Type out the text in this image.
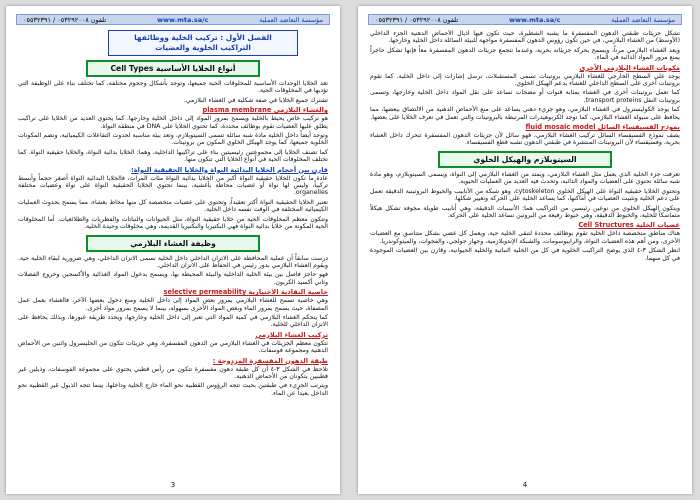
مؤسسة التعاضد العملية
www.mta.sa/c
تلفون ٠٥٣٢٩٢٠٠٨ / ٠٥٥٣٢٣٩١
الفصل الأول : تركيب الخلية ووظائفها
التراكيب الخلوية والعضيات
أنواع الخلايا الأساسية Cell Types

تعد الخلايا الوحدات الأساسية للمخلوقات الحية جميعها، وتوجد بأشكال وحجوم مختلفة، كما تختلف بناء على الوظيفة التي تؤديها في المخلوقات الحية.

تشترك جميع الخلايا في صفة شكلية في الغشاء البلازمي.

والغشاء البلازمي plasma membrane

هو تركيب خاص يحيط بالخلية ويسمح بمرور المواد إلى داخل الخلية وخارجها. كما يحتوي العديد من الخلايا على تراكيب يطلق عليها العضيات تقوم بوظائف محددة، كما تحتوي الخلايا على DNA في منطقة النواة.

وتوجد أيضاً داخل الخلية مادة شبه سائلة تسمى السيتوبلازم، وتعد بيئة مناسبة لحدوث التفاعلات الكيميائية، وتضم المكونات الخلوية جميعها، كما يوجد الهيكل الخلوي المكون من بروتينات.

كما تصنف الخلايا إلى مجموعتين رئيسيتين بناء على تراكيبها الداخلية، وهما: الخلايا بدائية النواة، والخلايا حقيقية النواة. كما تختلف المخلوقات الحية في أنواع الخلايا التي تتكون منها.

قارن بين أحجام الخلايا البدائية النواة والخلايا الحقيقية النواة:

عادة ما تكون الخلايا حقيقية النواة أكبر من الخلايا بدائية النواة مئات المرات، فالخلايا البدائية النواة أصغر حجماً وأبسط تركيباً، وليس لها نواة أو عضيات محاطة بأغشية، بينما تحتوي الخلايا الحقيقية النواة على نواة وعضيات مختلفة organelles.

تعتبر الخلايا الحقيقية النواة أكثر تعقيداً، وتحتوي على عضيات متخصصة كل منها محاط بغشاء، مما يسمح بحدوث العمليات الكيميائية المختلفة في الوقت نفسه داخل الخلية.

وتتكون معظم المخلوقات الحية من خلايا حقيقية النواة، مثل الحيوانات والنباتات والفطريات والطلائعيات. أما المخلوقات الحية المكونة من خلايا بدائية النواة فهي البكتيريا والبكتيريا القديمة، وهي مخلوقات وحيدة الخلية.

وظيفة الغشاء البلازمي

درست سابقاً أن عملية المحافظة على الاتزان الداخلي داخل الخلية تسمى الاتزان الداخلي، وهي ضرورية لبقاء الخلية حية. ويقوم الغشاء البلازمي بدور رئيس في الحفاظ على الاتزان الداخلي.

فهو حاجز فاصل بين بيئة الخلية الداخلية والبيئة المحيطة بها، ويسمح بدخول المواد الغذائية والأكسجين وخروج الفضلات وثاني أكسيد الكربون.

خاصية النفاذية الاختيارية selective permeability

وهي خاصية تسمح للغشاء البلازمي بمرور بعض المواد إلى داخل الخلية ومنع دخول بعضها الآخر، فالغشاء يعمل عمل المصفاة، حيث يسمح بمرور الماء وبعض المواد الأخرى بسهولة، بينما لا يسمح بمرور مواد أخرى.

كما يتحكم الغشاء البلازمي في كمية المواد التي تعبر إلى داخل الخلية وخارجها، ويحدد طريقة عبورها، وبذلك يحافظ على الاتزان الداخلي للخلية.

تركيب الغشاء البلازمي

تتكون معظم الجزيئات في الغشاء البلازمي من الدهون المفسفرة، وهي جزيئات تتكون من الجليسرول واثنين من الأحماض الدهنية ومجموعة فوسفات.

طبقة الدهون المفسفرة المزدوجة :

تلاحظ في الشكل ٣-٤ أن كل طبقة دهون مفسفرة تتكون من رأس قطبي يحتوي على مجموعة الفوسفات، وذيلين غير قطبيين يتكونان من الأحماض الدهنية.

ويترتب الجزيء في طبقتين بحيث تتجه الرؤوس القطبية نحو الماء خارج الخلية وداخلها، بينما تتجه الذيول غير القطبية نحو الداخل بعيداً عن الماء.

3
مؤسسة التعاضد العملية
www.mta.sa/c
تلفون ٠٥٣٢٩٢٠٠٨ / ٠٥٥٣٢٣٩١

تشكل جزيئات طبقتي الدهون المفسفرة ما يشبه الشطيرة، حيث تكون فيها أذيال الأحماض الدهنية الجزء الداخلي (الأوسط) من الغشاء البلازمي، في حين تكون رؤوس الدهون المفسفرة مواجهة للبيئة السائلة داخل الخلية وخارجها.

ويعد الغشاء البلازمي مرناً، ويسمح بحركة جزيئاته بحرية، وعندما تتجمع جزيئات الدهون المفسفرة معاً فإنها تشكل حاجزاً يمنع مرور المواد الذائبة في الماء.

مكونات الغشاء البلازمي الأخرى

يوجد على السطح الخارجي للغشاء البلازمي بروتينات تسمى المستقبلات، ترسل إشارات إلى داخل الخلية. كما تقوم بروتينات أخرى على السطح الداخلي للغشاء بدعم الهيكل الخلوي.

كما تعمل بروتينات أخرى في الغشاء بمثابة قنوات أو مضخات تساعد على نقل المواد داخل الخلية وخارجها، وتسمى بروتينات النقل transport proteins.

كما يوجد الكوليسترول في الغشاء البلازمي، وهو جزيء دهني يساعد على منع الأحماض الدهنية من الالتصاق ببعضها، مما يحافظ على سيولة الغشاء البلازمي، كما توجد الكربوهيدرات المرتبطة بالبروتينات والتي تعمل في تعرف الخلايا على بعضها.

نموذج الفسيفساء السائل fluid mosaic model

يصف نموذج الفسيفساء السائل تركيب الغشاء البلازمي، فهو سائل لأن جزيئات الدهون المفسفرة تتحرك داخل الغشاء بحرية، وفسيفساء لأن البروتينات المنتشرة في طبقتي الدهون تشبه قطع الفسيفساء.

السيتوبلازم والهيكل الخلوي

تعرفت جزء الخلية الذي يعمل مثل الغشاء البلازمي، ويمتد من الغشاء البلازمي إلى النواة، ويسمى السيتوبلازم، وهو مادة شبه سائلة تحتوي على العضيات والمواد الذائبة، وتحدث فيه العديد من العمليات الحيوية.

وتحتوي الخلايا حقيقية النواة على الهيكل الخلوي cytoskeleton، وهو شبكة من الأنابيب والخيوط البروتينية الدقيقة تعمل على دعم الخلية وتثبيت العضيات في أماكنها، كما يساعد الخلية على الحركة وتغيير شكلها.

ويتكون الهيكل الخلوي من نوعين رئيسين من التراكيب هما: الأنيبيبات الدقيقة، وهي أنابيب طويلة مجوفة تشكل هيكلاً متماسكاً للخلية، والخيوط الدقيقة، وهي خيوط رفيعة من البروتين تساعد الخلية على الحركة.

عضيات الخلية Cell Structures

هناك مناطق متخصصة داخل الخلية تقوم بوظائف محددة لتبقى الخلية حية، ويعمل كل عضي بشكل متناسق مع العضيات الأخرى، ومن أهم هذه العضيات النواة، والرايبوسومات، والشبكة الإندوبلازمية، وجهاز جولجي، والفجوات، والميتوكوندريا.

انظر الشكل ٣-٤ الذي يوضح التراكيب الخلوية في كل من الخلية النباتية والخلية الحيوانية، وقارن بين العضيات الموجودة في كل منهما.

4
